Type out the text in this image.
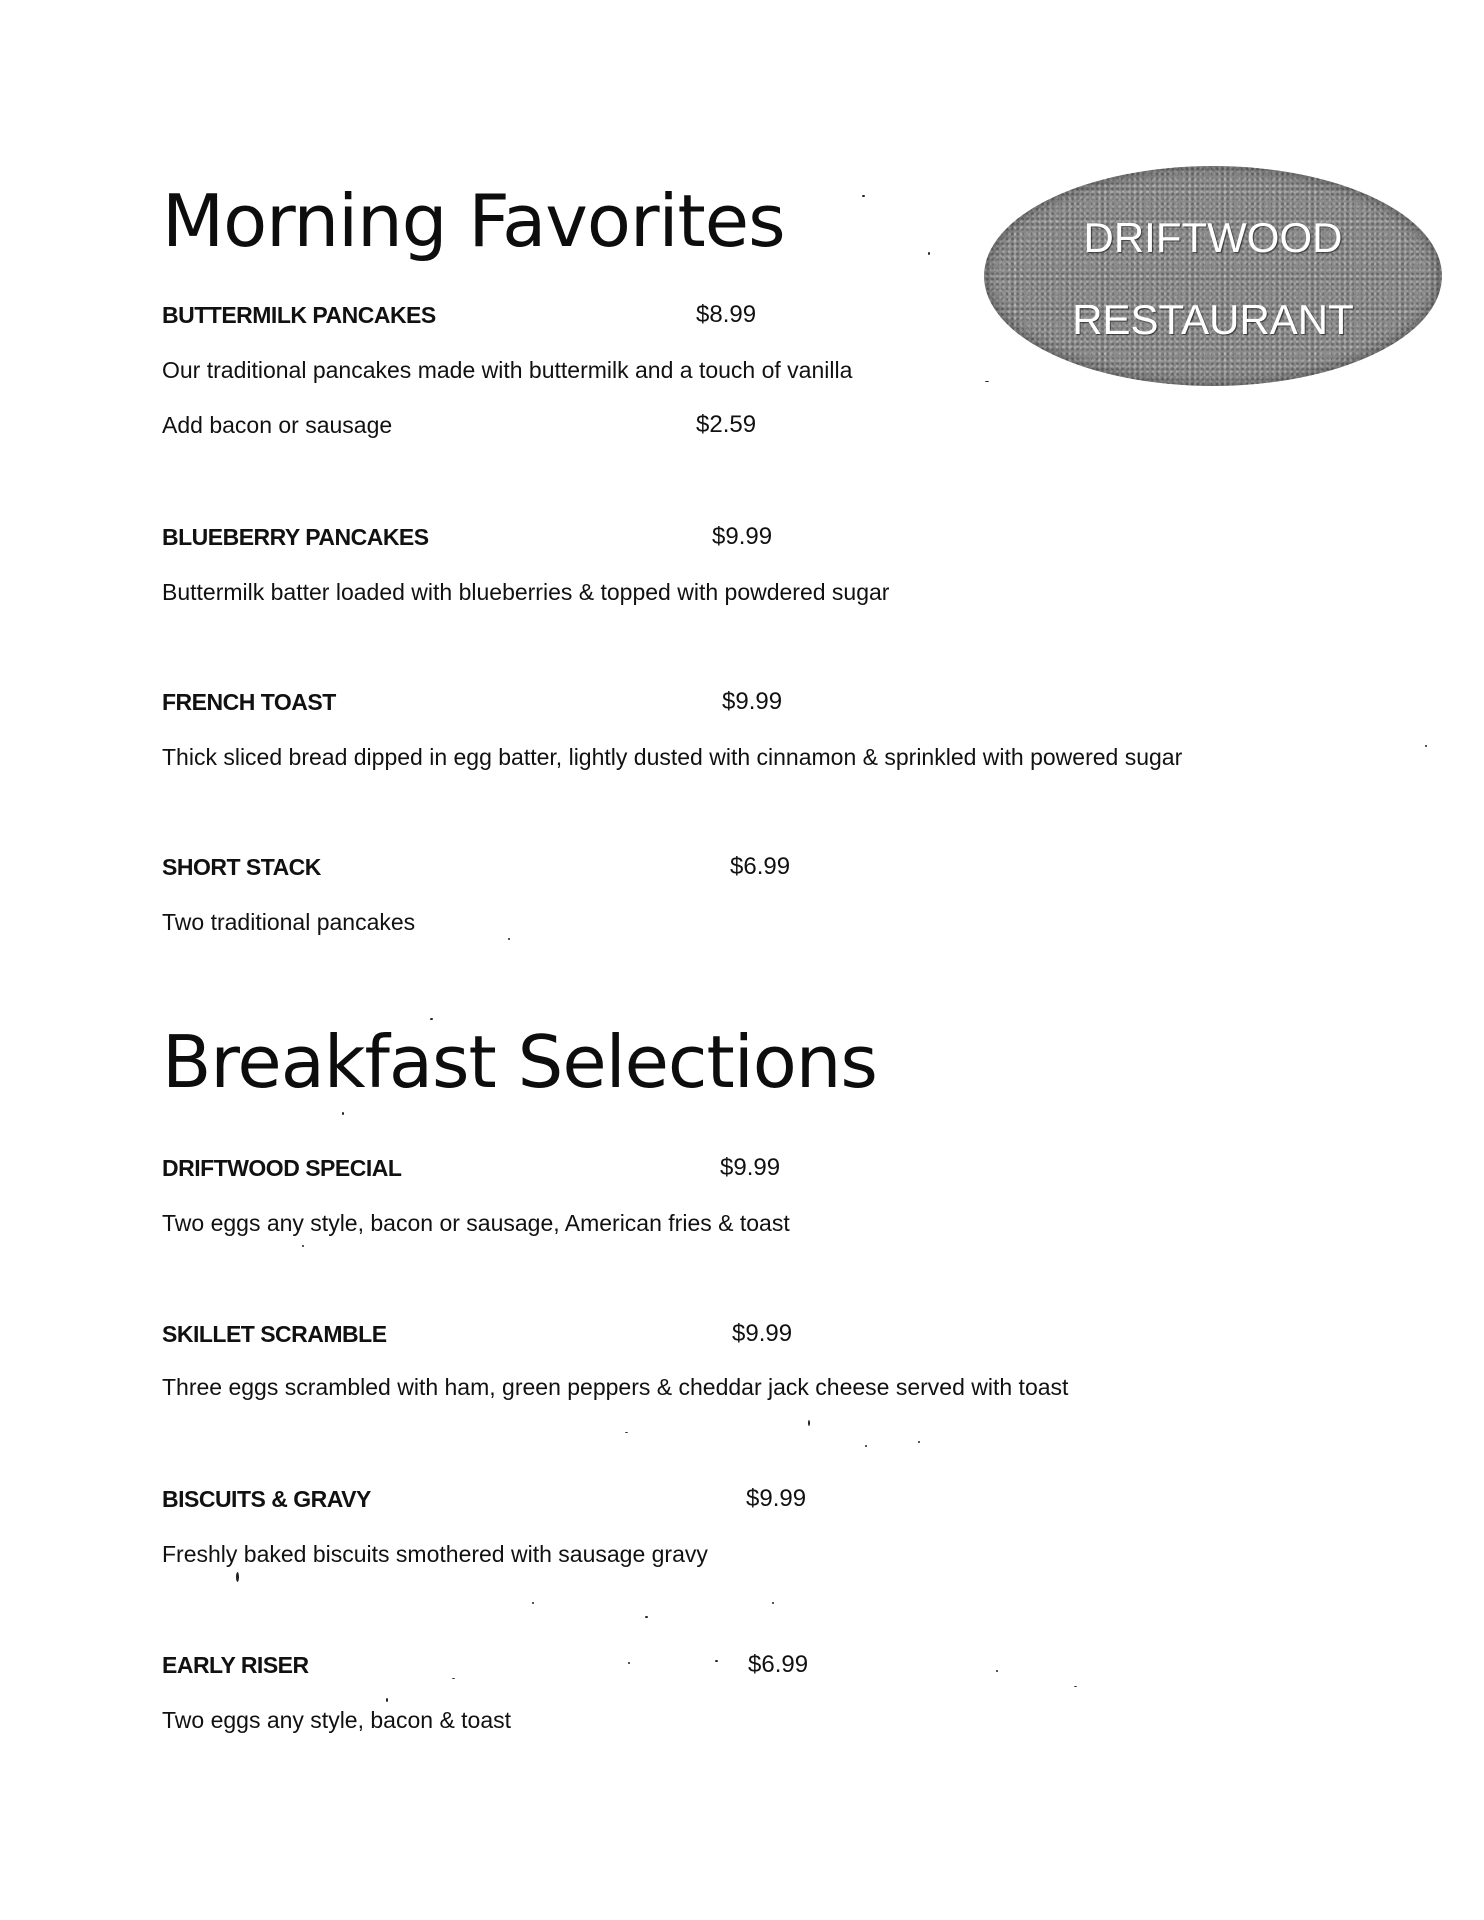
Morning Favorites	DRIFTWOOD
RESTAURANT
BUTTERMILK PANCAKES	$8.99
Our traditional pancakes made with buttermilk and a touch of vanilla
Add bacon or sausage	$2.59
BLUEBERRY PANCAKES	$9.99
Buttermilk batter loaded with blueberries & topped with powdered sugar
FRENCH TOAST	$9.99
Thick sliced bread dipped in egg batter, lightly dusted with cinnamon & sprinkled with powered sugar
SHORT STACK	$6.99
Two traditional pancakes
Breakfast Selections
DRIFTWOOD SPECIAL	$9.99
Two eggs any style, bacon or sausage, American fries & toast
SKILLET SCRAMBLE	$9.99
Three eggs scrambled with ham, green peppers & cheddar jack cheese served with toast
BISCUITS & GRAVY	$9.99
Freshly baked biscuits smothered with sausage gravy
EARLY RISER	$6.99
Two eggs any style, bacon & toast
